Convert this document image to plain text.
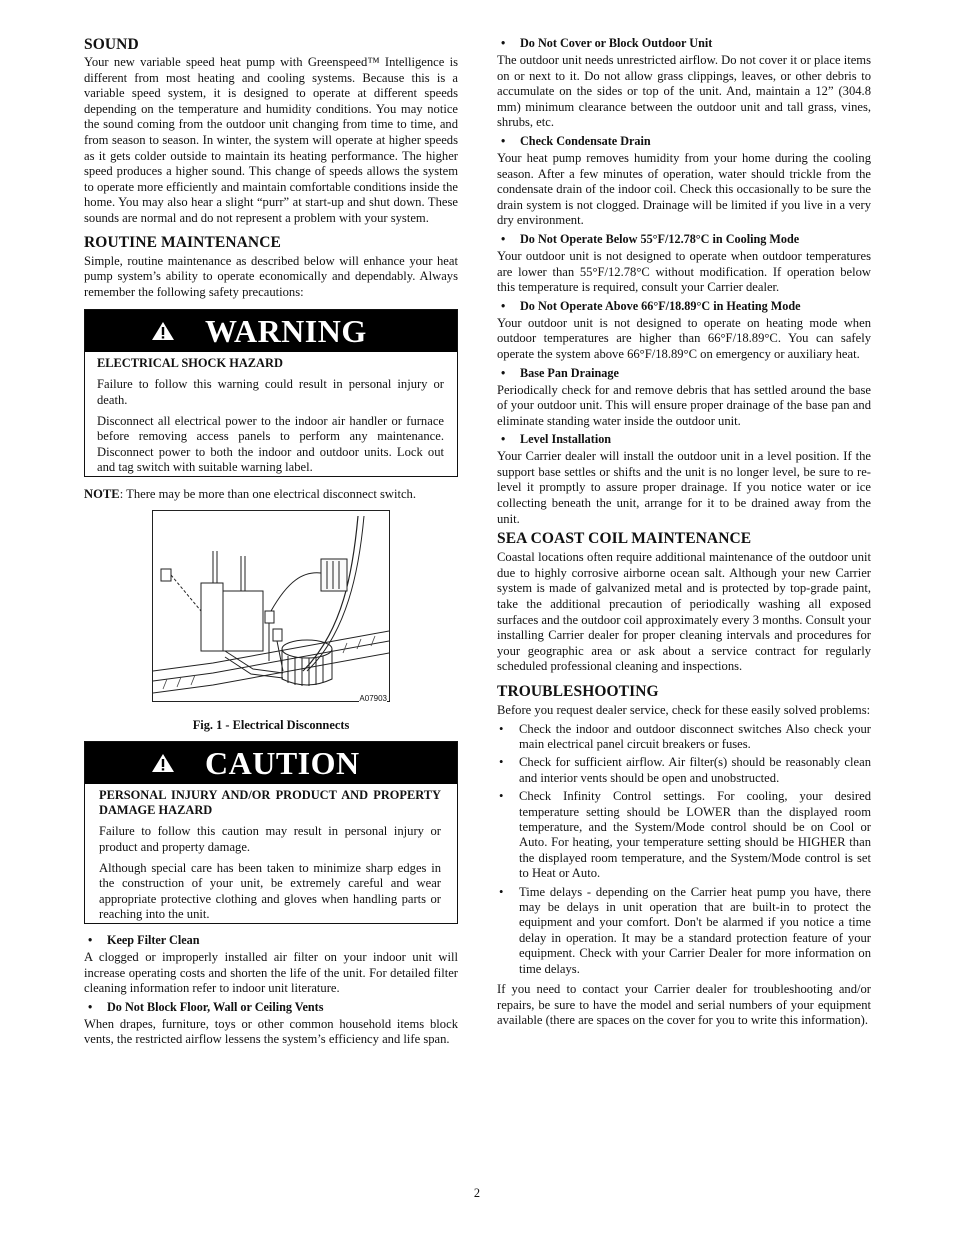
SOUND

Your new variable speed heat pump with Greenspeed™ Intelligence is different from most heating and cooling systems. Because this is a variable speed system, it is designed to operate at different speeds depending on the temperature and humidity conditions. You may notice the sound coming from the outdoor unit changing from time to time, and from season to season. In winter, the system will operate at higher speeds as it gets colder outside to maintain its heating performance. The higher speed produces a higher sound. This change of speeds allows the system to operate more efficiently and maintain comfortable conditions inside the home. You may also hear a slight “purr” at start-up and shut down. These sounds are normal and do not represent a problem with your system.

ROUTINE MAINTENANCE

Simple, routine maintenance as described below will enhance your heat pump system’s ability to operate economically and dependably. Always remember the following safety precautions:

WARNING
ELECTRICAL SHOCK HAZARD

Failure to follow this warning could result in personal injury or death.

Disconnect all electrical power to the indoor air handler or furnace before removing access panels to perform any maintenance. Disconnect power to both the indoor and outdoor units. Lock out and tag switch with suitable warning label.

NOTE: There may be more than one electrical disconnect switch.

A07903
Fig. 1 - Electrical Disconnects
CAUTION
PERSONAL INJURY AND/OR PRODUCT AND PROPERTY DAMAGE HAZARD

Failure to follow this caution may result in personal injury or product and property damage.

Although special care has been taken to minimize sharp edges in the construction of your unit, be extremely careful and wear appropriate protective clothing and gloves when handling parts or reaching into the unit.

• Keep Filter Clean

A clogged or improperly installed air filter on your indoor unit will increase operating costs and shorten the life of the unit. For detailed filter cleaning information refer to indoor unit literature.

• Do Not Block Floor, Wall or Ceiling Vents

When drapes, furniture, toys or other common household items block vents, the restricted airflow lessens the system’s efficiency and life span.

• Do Not Cover or Block Outdoor Unit

The outdoor unit needs unrestricted airflow. Do not cover it or place items on or next to it. Do not allow grass clippings, leaves, or other debris to accumulate on the sides or top of the unit. And, maintain a 12” (304.8 mm) minimum clearance between the outdoor unit and tall grass, vines, shrubs, etc.

• Check Condensate Drain

Your heat pump removes humidity from your home during the cooling season. After a few minutes of operation, water should trickle from the condensate drain of the indoor coil. Check this occasionally to be sure the drain system is not clogged. Drainage will be limited if you live in a very dry environment.

• Do Not Operate Below 55°F/12.78°C in Cooling Mode

Your outdoor unit is not designed to operate when outdoor temperatures are lower than 55°F/12.78°C without modification. If operation below this temperature is required, consult your Carrier dealer.

• Do Not Operate Above 66°F/18.89°C in Heating Mode

Your outdoor unit is not designed to operate on heating mode when outdoor temperatures are higher than 66°F/18.89°C. You can safely operate the system above 66°F/18.89°C on emergency or auxiliary heat.

• Base Pan Drainage

Periodically check for and remove debris that has settled around the base of your outdoor unit. This will ensure proper drainage of the base pan and eliminate standing water inside the outdoor unit.

• Level Installation

Your Carrier dealer will install the outdoor unit in a level position. If the support base settles or shifts and the unit is no longer level, be sure to re-level it promptly to assure proper drainage. If you notice water or ice collecting beneath the unit, arrange for it to be drained away from the unit.

SEA COAST COIL MAINTENANCE

Coastal locations often require additional maintenance of the outdoor unit due to highly corrosive airborne ocean salt. Although your new Carrier system is made of galvanized metal and is protected by top-grade paint, take the additional precaution of periodically washing all exposed surfaces and the outdoor coil approximately every 3 months. Consult your installing Carrier dealer for proper cleaning intervals and procedures for your geographic area or ask about a service contract for regularly scheduled professional cleaning and inspections.

TROUBLESHOOTING

Before you request dealer service, check for these easily solved problems:

• Check the indoor and outdoor disconnect switches Also check your main electrical panel circuit breakers or fuses.
• Check for sufficient airflow. Air filter(s) should be reasonably clean and interior vents should be open and unobstructed.
• Check Infinity Control settings. For cooling, your desired temperature setting should be LOWER than the displayed room temperature, and the System/Mode control should be on Cool or Auto. For heating, your temperature setting should be HIGHER than the displayed room temperature, and the System/Mode control is set to Heat or Auto.
• Time delays - depending on the Carrier heat pump you have, there may be delays in unit operation that are built-in to protect the equipment and your comfort. Don't be alarmed if you notice a time delay in operation. It may be a standard protection feature of your equipment. Check with your Carrier Dealer for more information on time delays.

If you need to contact your Carrier dealer for troubleshooting and/or repairs, be sure to have the model and serial numbers of your equipment available (there are spaces on the cover for you to write this information).

2
